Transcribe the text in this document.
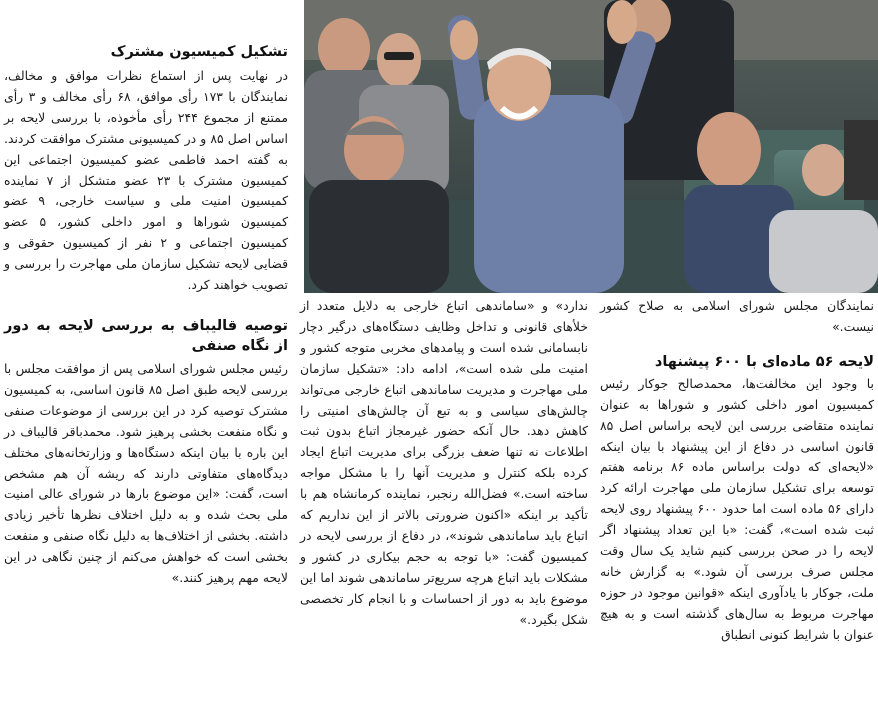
تشکیل کمیسیون مشترک

در نهایت پس از استماع نظرات موافق و مخالف، نمایندگان با ۱۷۳ رأی موافق، ۶۸ رأی مخالف و ۳ رأی ممتنع از مجموع ۲۴۴ رأی مأخوذه، با بررسی لایحه بر اساس اصل ۸۵ و در کمیسیونی مشترک موافقت کردند. به گفته احمد فاطمی عضو کمیسیون اجتماعی این کمیسیون مشترک با ۲۳ عضو متشکل از ۷ نماینده کمیسیون امنیت ملی و سیاست خارجی، ۹ عضو کمیسیون شوراها و امور داخلی کشور، ۵ عضو کمیسیون اجتماعی و ۲ نفر از کمیسیون حقوقی و قضایی لایحه تشکیل سازمان ملی مهاجرت را بررسی و تصویب خواهند کرد.

توصیه قالیباف به بررسی لایحه به دور از نگاه صنفی

رئیس مجلس شورای اسلامی پس از موافقت مجلس با بررسی لایحه طبق اصل ۸۵ قانون اساسی، به کمیسیون مشترک توصیه کرد در این بررسی از موضوعات صنفی و نگاه منفعت بخشی پرهیز شود. محمدباقر قالیباف در این باره با بیان اینکه دستگاه‌ها و وزارتخانه‌های مختلف دیدگاه‌های متفاوتی دارند که ریشه آن هم مشخص است، گفت: «این موضوع بارها در شورای عالی امنیت ملی بحث شده و به دلیل اختلاف نظرها تأخیر زیادی داشته. بخشی از اختلاف‌ها به دلیل نگاه صنفی و منفعت بخشی است که خواهش می‌کنم از چنین نگاهی در این لایحه مهم پرهیز کنند.»

ندارد» و «ساماندهی اتباع خارجی به دلایل متعدد از خلأهای قانونی و تداخل وظایف دستگاه‌های درگیر دچار نابسامانی شده است و پیامدهای مخربی متوجه کشور و امنیت ملی شده است»، ادامه داد: «تشکیل سازمان ملی مهاجرت و مدیریت ساماندهی اتباع خارجی می‌تواند چالش‌های سیاسی و به تبع آن چالش‌های امنیتی را کاهش دهد. حال آنکه حضور غیرمجاز اتباع بدون ثبت اطلاعات نه تنها ضعف بزرگی برای مدیریت اتباع ایجاد کرده بلکه کنترل و مدیریت آنها را با مشکل مواجه ساخته است.» فضل‌الله رنجبر، نماینده کرمانشاه هم با تأکید بر اینکه «اکنون ضرورتی بالاتر از این نداریم که اتباع باید ساماندهی شوند»، در دفاع از بررسی لایحه در کمیسیون گفت: «با توجه به حجم بیکاری در کشور و مشکلات باید اتباع هرچه سریع‌تر ساماندهی شوند اما این موضوع باید به دور از احساسات و با انجام کار تخصصی شکل بگیرد.»

نمایندگان مجلس شورای اسلامی به صلاح کشور نیست.»

لایحه ۵۶ ماده‌ای با ۶۰۰ پیشنهاد

با وجود این مخالفت‌ها، محمدصالح جوکار رئیس کمیسیون امور داخلی کشور و شوراها به عنوان نماینده متقاضی بررسی این لایحه براساس اصل ۸۵ قانون اساسی در دفاع از این پیشنهاد با بیان اینکه «لایحه‌ای که دولت براساس ماده ۸۶ برنامه هفتم توسعه برای تشکیل سازمان ملی مهاجرت ارائه کرد دارای ۵۶ ماده است اما حدود ۶۰۰ پیشنهاد روی لایحه ثبت شده است»، گفت: «با این تعداد پیشنهاد اگر لایحه را در صحن بررسی کنیم شاید یک سال وقت مجلس صرف بررسی آن شود.» به گزارش خانه ملت، جوکار با یادآوری اینکه «قوانین موجود در حوزه مهاجرت مربوط به سال‌های گذشته است و به هیچ عنوان با شرایط کنونی انطباق
